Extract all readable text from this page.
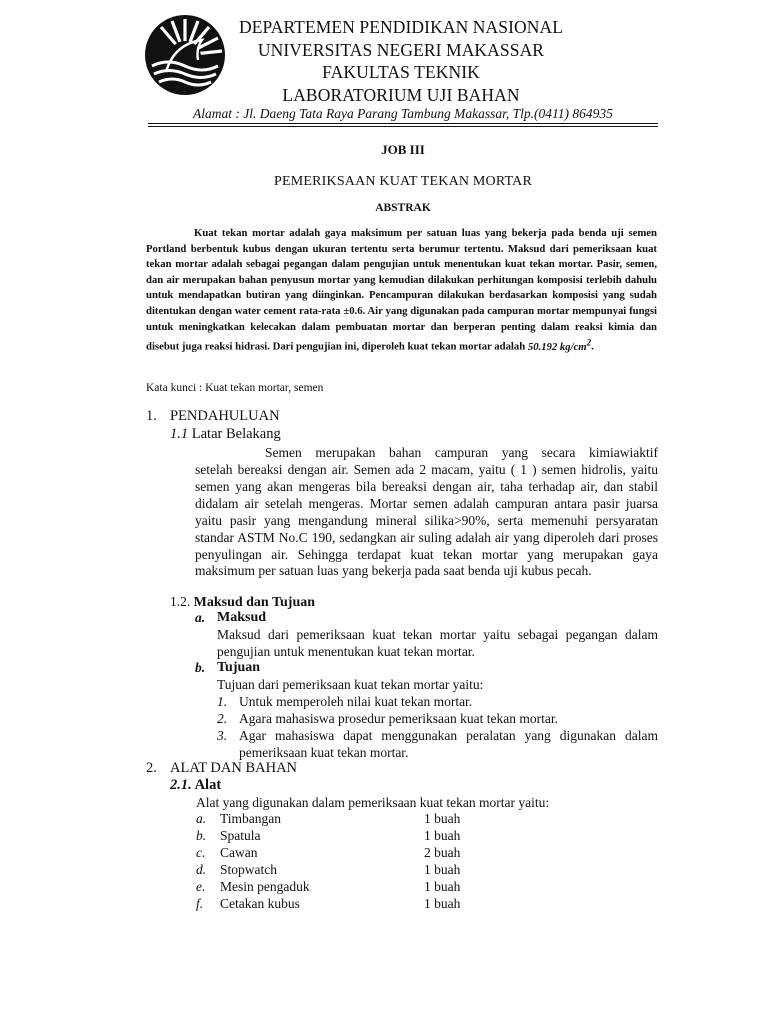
DEPARTEMEN PENDIDIKAN NASIONAL
UNIVERSITAS NEGERI MAKASSAR
FAKULTAS TEKNIK
LABORATORIUM UJI BAHAN
Alamat : Jl. Daeng Tata Raya Parang Tambung Makassar, Tlp.(0411) 864935
JOB III
PEMERIKSAAN KUAT TEKAN MORTAR
ABSTRAK
Kuat tekan mortar adalah gaya maksimum per satuan luas yang bekerja pada benda uji semen Portland berbentuk kubus dengan ukuran tertentu serta berumur tertentu. Maksud dari pemeriksaan kuat tekan mortar adalah sebagai pegangan dalam pengujian untuk menentukan kuat tekan mortar. Pasir, semen, dan air merupakan bahan penyusun mortar yang kemudian dilakukan perhitungan komposisi terlebih dahulu untuk mendapatkan butiran yang diinginkan. Pencampuran dilakukan berdasarkan komposisi yang sudah ditentukan dengan water cement rata-rata ±0.6. Air yang digunakan pada campuran mortar mempunyai fungsi untuk meningkatkan kelecakan dalam pembuatan mortar dan berperan penting dalam reaksi kimia dan disebut juga reaksi hidrasi. Dari pengujian ini, diperoleh kuat tekan mortar adalah 50.192 $kg/cm^2$.
Kata kunci : Kuat tekan mortar, semen
1. PENDAHULUAN
1.1 Latar Belakang
Semen merupakan bahan campuran yang secara kimiawiaktif
setelah bereaksi dengan air. Semen ada 2 macam, yaitu ( 1 ) semen hidrolis, yaitu semen yang akan mengeras bila bereaksi dengan air, taha terhadap air, dan stabil didalam air setelah mengeras. Mortar semen adalah campuran antara pasir juarsa yaitu pasir yang mengandung mineral silika>90%, serta memenuhi persyaratan standar ASTM No.C 190, sedangkan air suling adalah air yang diperoleh dari proses penyulingan air. Sehingga terdapat kuat tekan mortar yang merupakan gaya maksimum per satuan luas yang bekerja pada saat benda uji kubus pecah.
1.2. Maksud dan Tujuan
a. Maksud
Maksud dari pemeriksaan kuat tekan mortar yaitu sebagai pegangan dalam pengujian untuk menentukan kuat tekan mortar.
b. Tujuan
Tujuan dari pemeriksaan kuat tekan mortar yaitu:
1. Untuk memperoleh nilai kuat tekan mortar.
2. Agara mahasiswa prosedur pemeriksaan kuat tekan mortar.
3. Agar mahasiswa dapat menggunakan peralatan yang digunakan dalam pemeriksaan kuat tekan mortar.
2. ALAT DAN BAHAN
2.1. Alat
Alat yang digunakan dalam pemeriksaan kuat tekan mortar yaitu:
a. Timbangan	1 buah
b. Spatula	1 buah
c. Cawan	2 buah
d. Stopwatch	1 buah
e. Mesin pengaduk	1 buah
f. Cetakan kubus	1 buah
